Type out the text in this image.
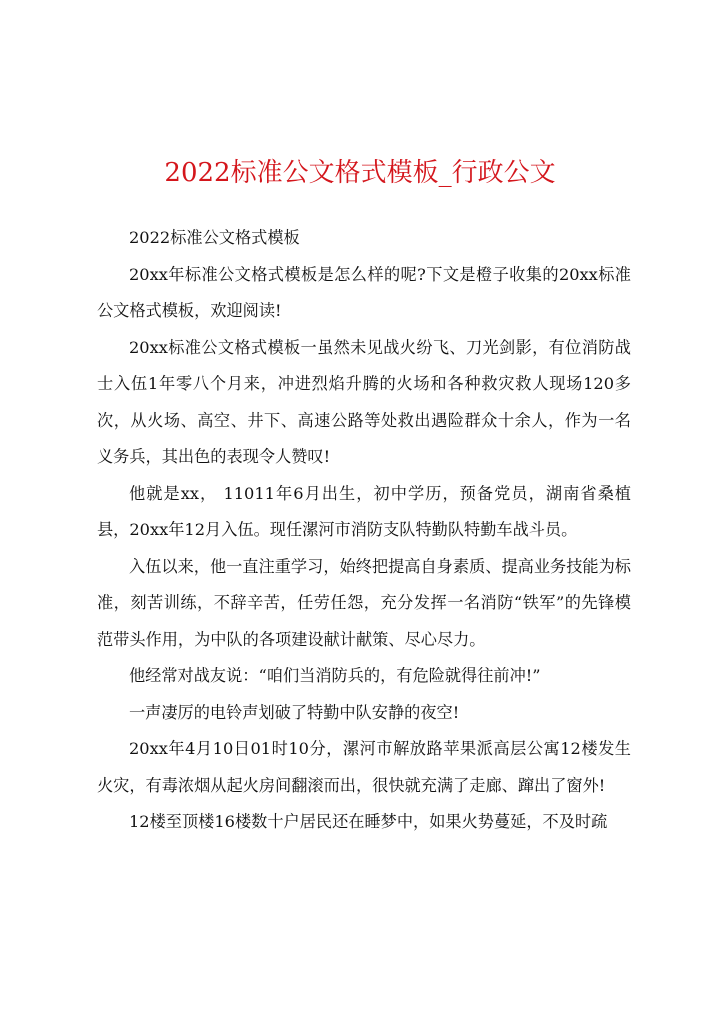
2022标准公文格式模板_行政公文

2022标准公文格式模板

20xx年标准公文格式模板是怎么样的呢?下文是橙子收集的20xx标准公文格式模板，欢迎阅读!

20xx标准公文格式模板一虽然未见战火纷飞、刀光剑影，有位消防战士入伍1年零八个月来，冲进烈焰升腾的火场和各种救灾救人现场120多次，从火场、高空、井下、高速公路等处救出遇险群众十余人，作为一名义务兵，其出色的表现令人赞叹!

他就是xx， 11011年6月出生，初中学历，预备党员，湖南省桑植县，20xx年12月入伍。现任漯河市消防支队特勤队特勤车战斗员。

入伍以来，他一直注重学习，始终把提高自身素质、提高业务技能为标准，刻苦训练，不辞辛苦，任劳任怨，充分发挥一名消防“铁军”的先锋模范带头作用，为中队的各项建设献计献策、尽心尽力。

他经常对战友说：“咱们当消防兵的，有危险就得往前冲!”

一声凄厉的电铃声划破了特勤中队安静的夜空!

20xx年4月10日01时10分，漯河市解放路苹果派高层公寓12楼发生火灾，有毒浓烟从起火房间翻滚而出，很快就充满了走廊、蹿出了窗外!

12楼至顶楼16楼数十户居民还在睡梦中，如果火势蔓延，不及时疏
